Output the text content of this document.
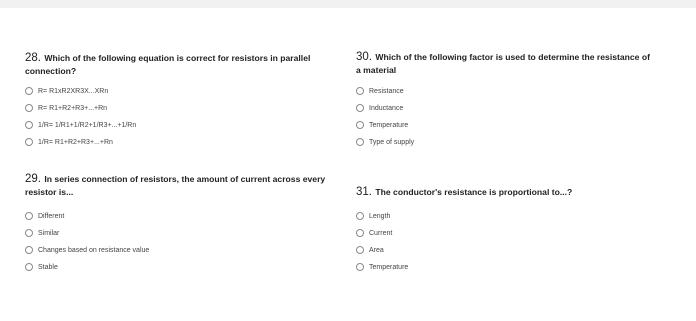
28. Which of the following equation is correct for resistors in parallel connection?
R= R1xR2XR3X...XRn
R= R1+R2+R3+...+Rn
1/R= 1/R1+1/R2+1/R3+...+1/Rn
1/R= R1+R2+R3+...+Rn
30. Which of the following factor is used to determine the resistance of a material
Resistance
Inductance
Temperature
Type of supply
29. In series connection of resistors, the amount of current across every resistor is...
Different
Similar
Changes based on resistance value
Stable
31. The conductor's resistance is proportional to...?
Length
Current
Area
Temperature
